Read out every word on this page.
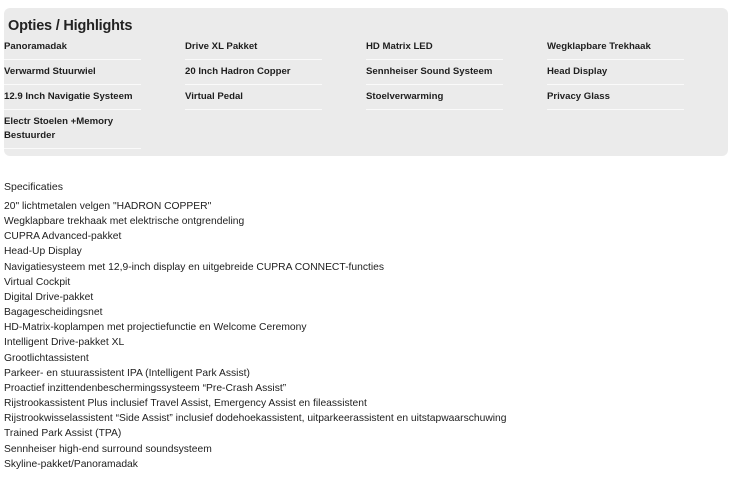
Opties / Highlights
Panoramadak
Verwarmd Stuurwiel
12.9 Inch Navigatie Systeem
Electr Stoelen +Memory Bestuurder
Drive XL Pakket
20 Inch Hadron Copper
Virtual Pedal
HD Matrix LED
Sennheiser Sound Systeem
Stoelverwarming
Wegklapbare Trekhaak
Head Display
Privacy Glass
Specificaties
20" lichtmetalen velgen "HADRON COPPER"
Wegklapbare trekhaak met elektrische ontgrendeling
CUPRA Advanced-pakket
Head-Up Display
Navigatiesysteem met 12,9-inch display en uitgebreide CUPRA CONNECT-functies
Virtual Cockpit
Digital Drive-pakket
Bagagescheidingsnet
HD-Matrix-koplampen met projectiefunctie en Welcome Ceremony
Intelligent Drive-pakket XL
Grootlichtassistent
Parkeer- en stuurassistent IPA (Intelligent Park Assist)
Proactief inzittendenbeschermingssysteem “Pre-Crash Assist”
Rijstrookassistent Plus inclusief Travel Assist, Emergency Assist en fileassistent
Rijstrookwisselassistent “Side Assist” inclusief dodehoekassistent, uitparkeerassistent en uitstapwaarschuwing
Trained Park Assist (TPA)
Sennheiser high-end surround soundsysteem
Skyline-pakket/Panoramadak
